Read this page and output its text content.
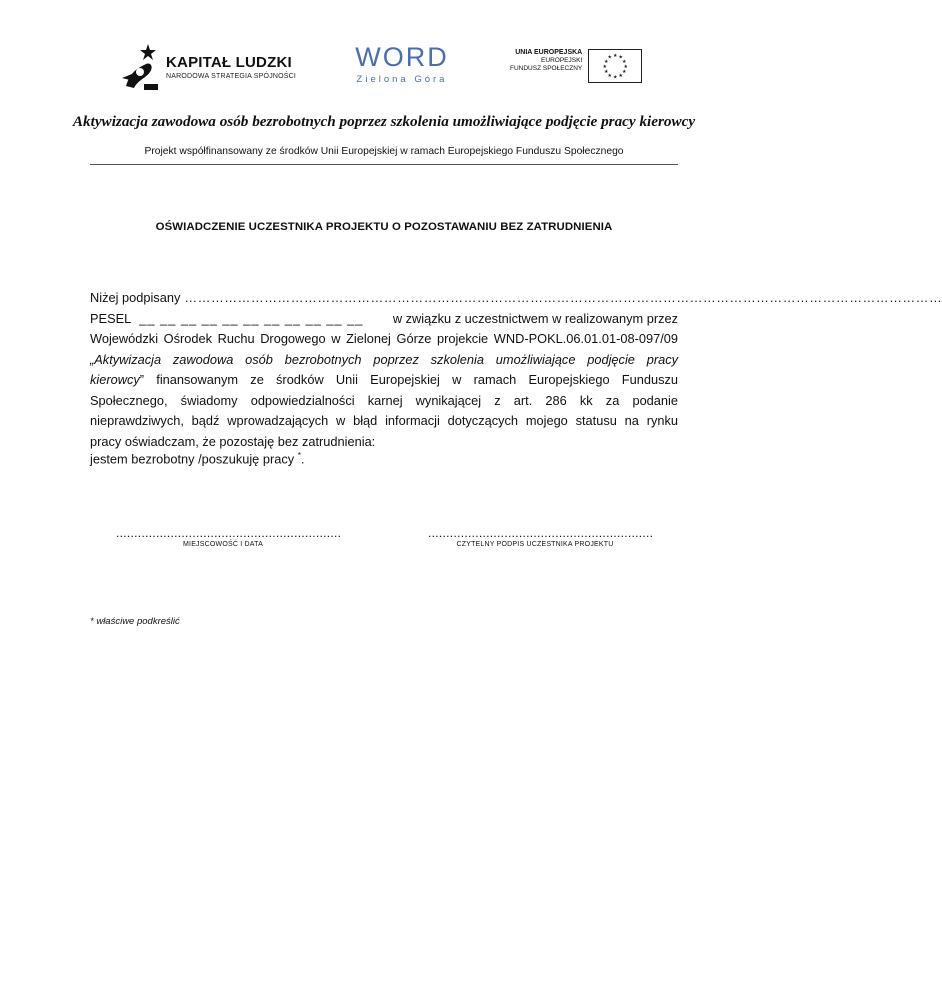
KAPITAŁ LUDZKI
NARODOWA STRATEGIA SPÓJNOŚCI
WORD
Zielona Góra
UNIA EUROPEJSKA
EUROPEJSKI
FUNDUSZ SPOŁECZNY
★ ★
★
★
★
★
★
★
★
★
★
★
Aktywizacja zawodowa osób bezrobotnych poprzez szkolenia umożliwiające podjęcie pracy kierowcy
Projekt współfinansowany ze środków Unii Europejskiej w ramach Europejskiego Funduszu Społecznego
OŚWIADCZENIE UCZESTNIKA PROJEKTU O POZOSTAWANIU BEZ ZATRUDNIENIA
Niżej podpisany ………………………………………………………………………………………………………………………………………………………
PESEL __ __ __ __ __ __ __ __ __ __ __ w związku z uczestnictwem w realizowanym przez

Wojewódzki Ośrodek Ruchu Drogowego w Zielonej Górze projekcie WND-POKL.06.01.01-08-097/09

„Aktywizacja zawodowa osób bezrobotnych poprzez szkolenia umożliwiające podjęcie pracy

kierowcy” finansowanym ze środków Unii Europejskiej w ramach Europejskiego Funduszu

Społecznego, świadomy odpowiedzialności karnej wynikającej z art. 286 kk za podanie

nieprawdziwych, bądź wprowadzających w błąd informacji dotyczących mojego statusu na rynku

pracy oświadczam, że pozostaję bez zatrudnienia:

jestem bezrobotny /poszukuję pracy *.
..............................................................
MIEJSCOWOŚĆ I DATA
..............................................................
CZYTELNY PODPIS UCZESTNIKA PROJEKTU
* właściwe podkreślić
